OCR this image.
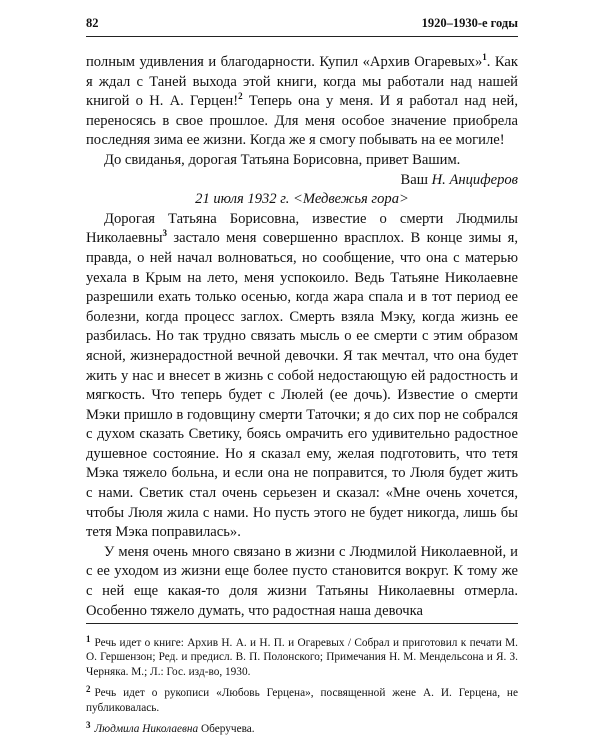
82	1920–1930-е годы

полным удивления и благодарности. Купил «Архив Огаревых»$^1$. Как я ждал с Таней выхода этой книги, когда мы работали над нашей книгой о Н. А. Герцен!$^2$ Теперь она у меня. И я работал над ней, переносясь в свое прошлое. Для меня особое значение приобрела последняя зима ее жизни. Когда же я смогу побывать на ее могиле!

До свиданья, дорогая Татьяна Борисовна, привет Вашим.

Ваш Н. Анциферов

21 июля 1932 г. <Медвежья гора>

Дорогая Татьяна Борисовна, известие о смерти Людмилы Николаевны$^3$ застало меня совершенно врасплох. В конце зимы я, правда, о ней начал волноваться, но сообщение, что она с матерью уехала в Крым на лето, меня успокоило. Ведь Татьяне Николаевне разрешили ехать только осенью, когда жара спала и в тот период ее болезни, когда процесс заглох. Смерть взяла Мэку, когда жизнь ее разбилась. Но так трудно связать мысль о ее смерти с этим образом ясной, жизнерадостной вечной девочки. Я так мечтал, что она будет жить у нас и внесет в жизнь с собой недостающую ей радостность и мягкость. Что теперь будет с Люлей (ее дочь). Известие о смерти Мэки пришло в годовщину смерти Таточки; я до сих пор не собрался с духом сказать Светику, боясь омрачить его удивительно радостное душевное состояние. Но я сказал ему, желая подготовить, что тетя Мэка тяжело больна, и если она не поправится, то Люля будет жить с нами. Светик стал очень серьезен и сказал: «Мне очень хочется, чтобы Люля жила с нами. Но пусть этого не будет никогда, лишь бы тетя Мэка поправилась».

У меня очень много связано в жизни с Людмилой Николаевной, и с ее уходом из жизни еще более пусто становится вокруг. К тому же с ней еще какая-то доля жизни Татьяны Николаевны отмерла. Особенно тяжело думать, что радостная наша девочка

$^1$ Речь идет о книге: Архив Н. А. и Н. П. и Огаревых / Собрал и приготовил к печати М. О. Гершензон; Ред. и предисл. В. П. Полонского; Примечания Н. М. Мендельсона и Я. З. Черняка. М.; Л.: Гос. изд-во, 1930.

$^2$ Речь идет о рукописи «Любовь Герцена», посвященной жене А. И. Герцена, не публиковалась.

$^3$ Людмила Николаевна Оберучева.
